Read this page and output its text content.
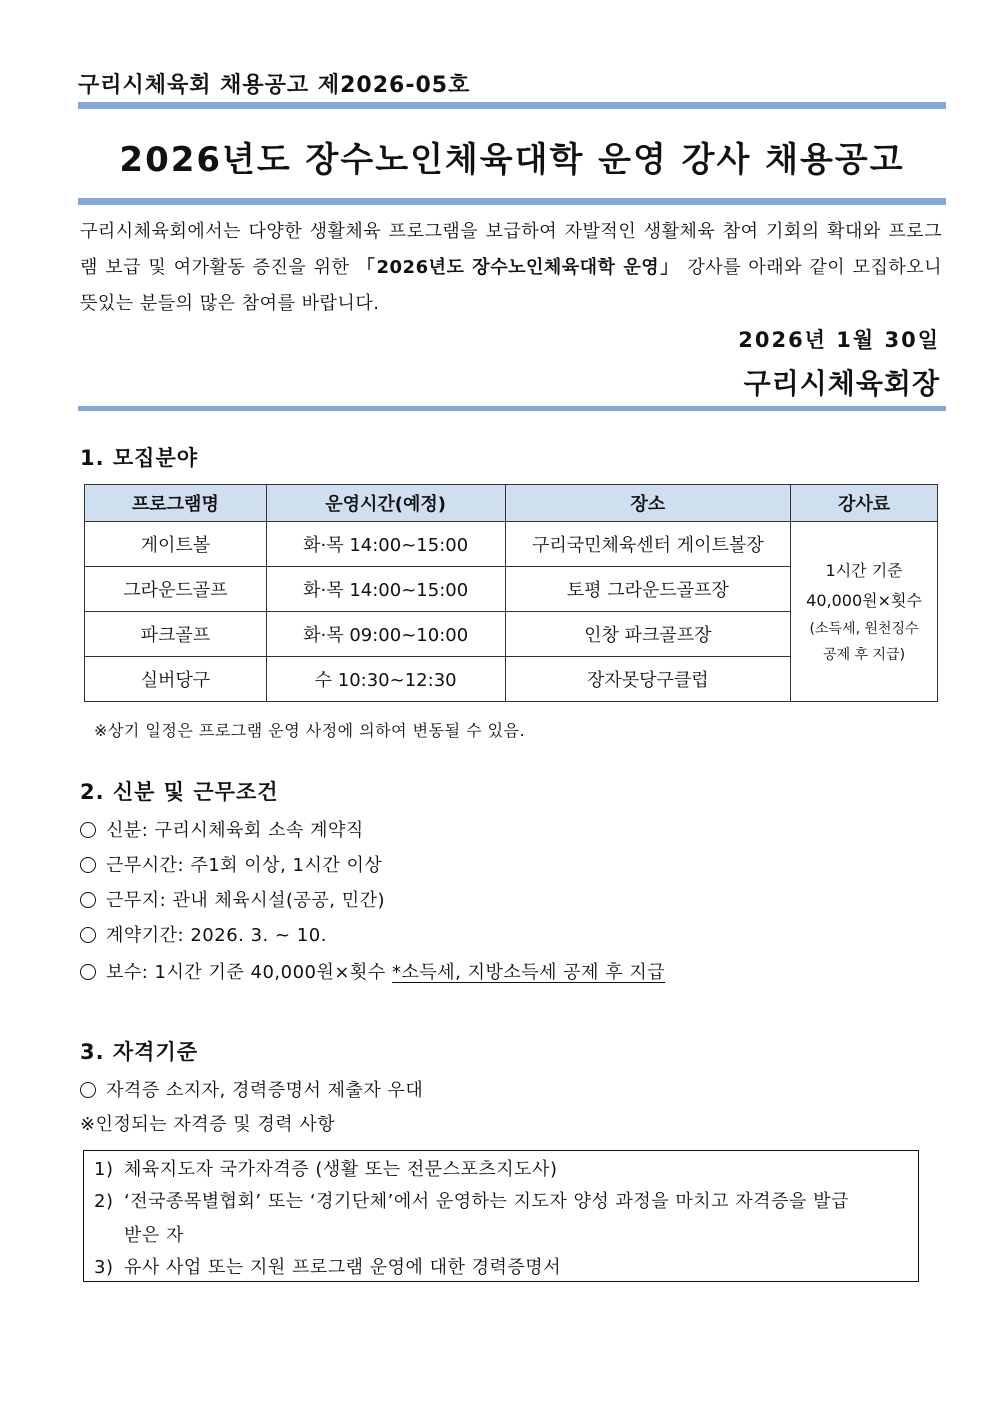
구리시체육회 채용공고 제2026-05호
2026년도 장수노인체육대학 운영 강사 채용공고
구리시체육회에서는 다양한 생활체육 프로그램을 보급하여 자발적인 생활체육 참여 기회의 확대와 프로그램 보급 및 여가활동 증진을 위한 「2026년도 장수노인체육대학 운영」 강사를 아래와 같이 모집하오니 뜻있는 분들의 많은 참여를 바랍니다.
2026년 1월 30일
구리시체육회장
1. 모집분야
프로그램명	운영시간(예정)	장소	강사료
게이트볼	화·목 14:00~15:00	구리국민체육센터 게이트볼장	1시간 기준
40,000원×횟수
(소득세, 원천징수
공제 후 지급)

그라운드골프	화·목 14:00~15:00	토평 그라운드골프장	
파크골프	화·목 09:00~10:00	인창 파크골프장	
실버당구	수 10:30~12:30	장자못당구클럽	
※상기 일정은 프로그램 운영 사정에 의하여 변동될 수 있음.
2. 신분 및 근무조건
신분: 구리시체육회 소속 계약직
근무시간: 주1회 이상, 1시간 이상
근무지: 관내 체육시설(공공, 민간)
계약기간: 2026. 3. ~ 10.
보수: 1시간 기준 40,000원×횟수 *소득세, 지방소득세 공제 후 지급
3. 자격기준
자격증 소지자, 경력증명서 제출자 우대
※인정되는 자격증 및 경력 사항
1) 체육지도자 국가자격증 (생활 또는 전문스포츠지도사)
2) ‘전국종목별협회’ 또는 ‘경기단체’에서 운영하는 지도자 양성 과정을 마치고 자격증을 발급
받은 자
3) 유사 사업 또는 지원 프로그램 운영에 대한 경력증명서
